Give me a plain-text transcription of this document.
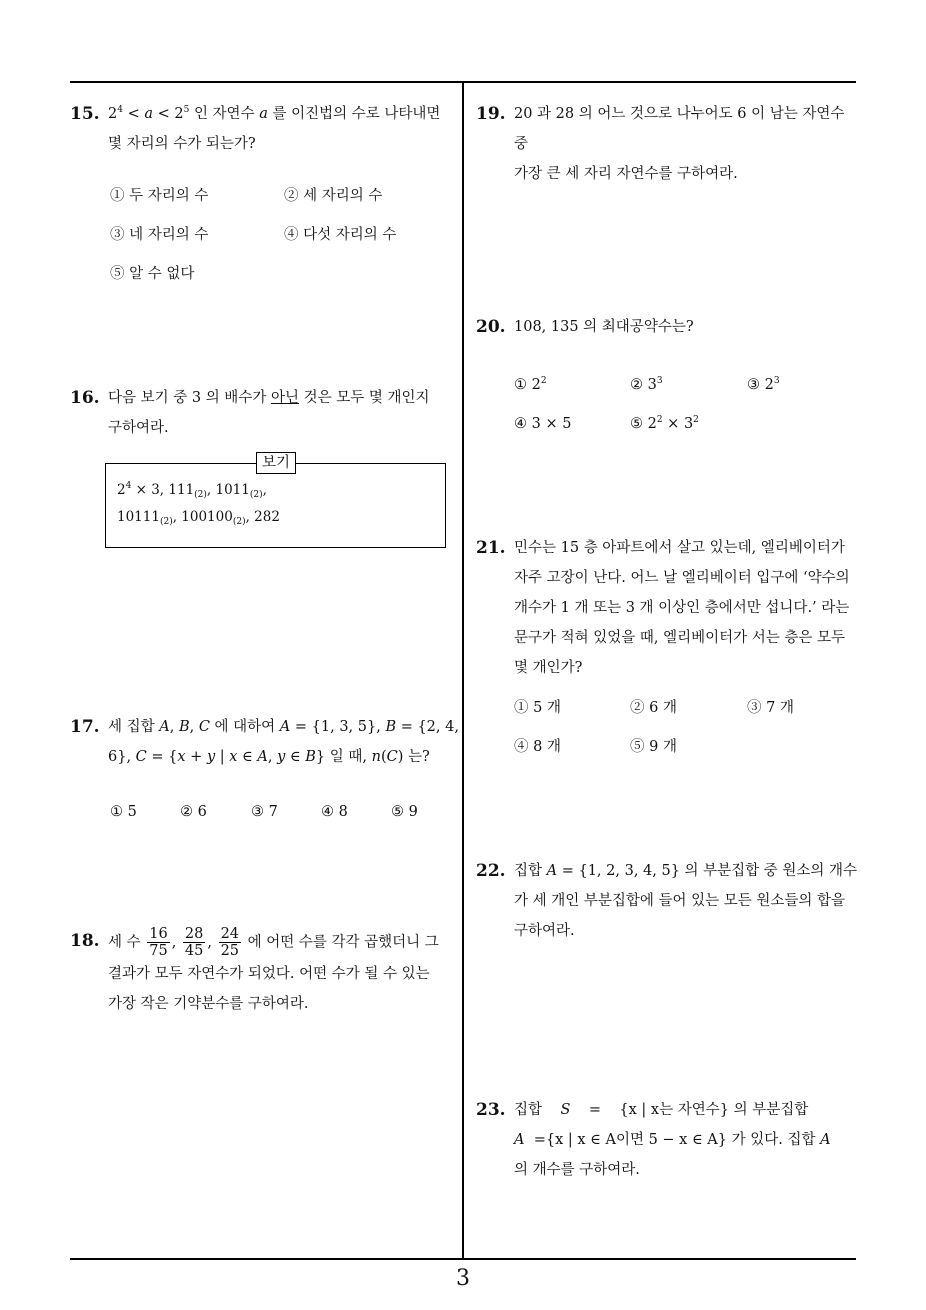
15. $2^4 < a < 2^5$ 인 자연수 a 를 이진법의 수로 나타내면
몇 자리의 수가 되는가?
① 두 자리의 수	② 세 자리의 수
③ 네 자리의 수	④ 다섯 자리의 수
⑤ 알 수 없다
16. 다음 보기 중 3 의 배수가 아닌 것은 모두 몇 개인지
구하여라.
보기
$2^4 \times 3$, $111_{(2)}$, $1011_{(2)}$,
$10111_{(2)}$, $100100_{(2)}$, 282
17. 세 집합 A, B, C 에 대하여 A = {1, 3, 5}, B = {2, 4,
6}, C = {x + y | x ∈ A, y ∈ B} 일 때, n(C) 는?
① 5	② 6	③ 7	④ 8	⑤ 9
18. 세 수 $\frac{16}{75}$ , $\frac{28}{45}$ , $\frac{24}{25}$ 에 어떤 수를 각각 곱했더니 그
결과가 모두 자연수가 되었다. 어떤 수가 될 수 있는
가장 작은 기약분수를 구하여라.
19. 20 과 28 의 어느 것으로 나누어도 6 이 남는 자연수 중
가장 큰 세 자리 자연수를 구하여라.
20. 108, 135 의 최대공약수는?
① $2^2$	② $3^3$	③ $2^3$
④ 3 × 5	⑤ $2^2 \times 3^2$
21. 민수는 15 층 아파트에서 살고 있는데, 엘리베이터가
자주 고장이 난다. 어느 날 엘리베이터 입구에 ‘약수의
개수가 1 개 또는 3 개 이상인 층에서만 섭니다.’ 라는
문구가 적혀 있었을 때, 엘리베이터가 서는 층은 모두
몇 개인가?
① 5 개	② 6 개	③ 7 개
④ 8 개	⑤ 9 개
22. 집합 A = {1, 2, 3, 4, 5} 의 부분집합 중 원소의 개수
가 세 개인 부분집합에 들어 있는 모든 원소들의 합을
구하여라.
23. 집합 S    =    {x | x는 자연수} 의 부분집합
A  ={x | x ∈ A이면 5 − x ∈ A} 가 있다. 집합 A
의 개수를 구하여라.
3
